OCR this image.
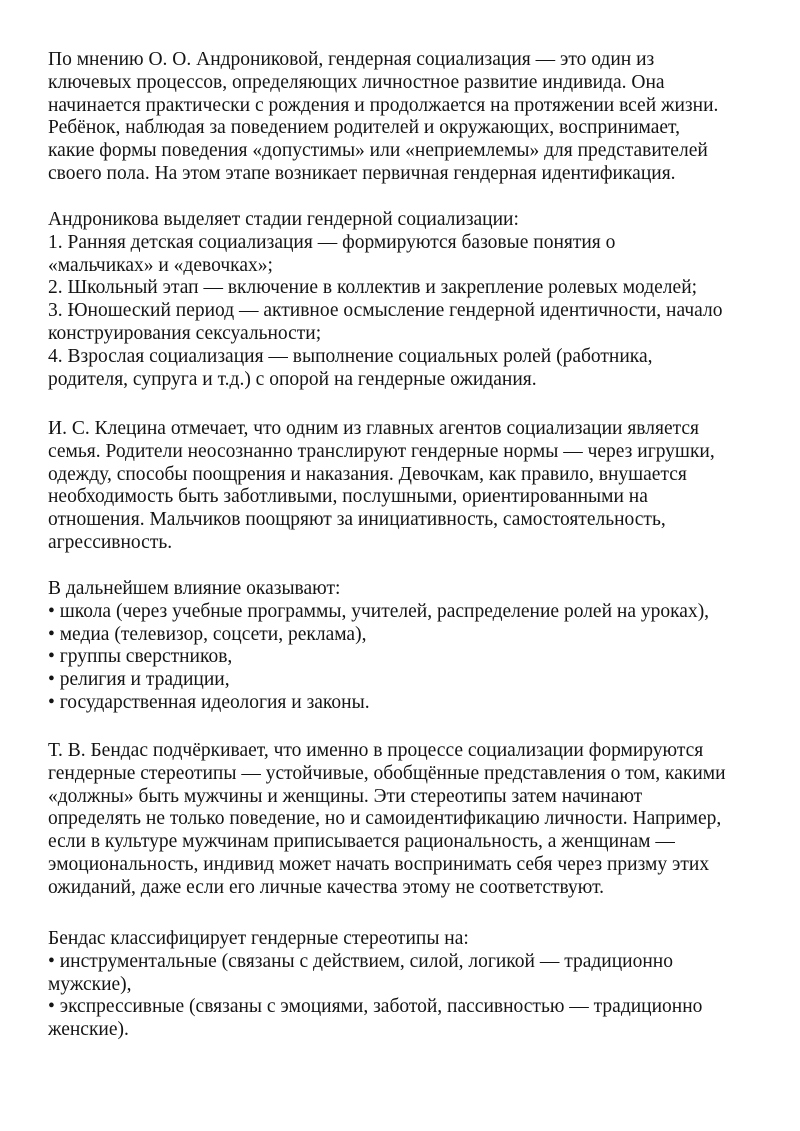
По мнению О. О. Андрониковой, гендерная социализация — это один из
ключевых процессов, определяющих личностное развитие индивида. Она
начинается практически с рождения и продолжается на протяжении всей жизни.
Ребёнок, наблюдая за поведением родителей и окружающих, воспринимает,
какие формы поведения «допустимы» или «неприемлемы» для представителей
своего пола. На этом этапе возникает первичная гендерная идентификация.
Андроникова выделяет стадии гендерной социализации:
1. Ранняя детская социализация — формируются базовые понятия о
«мальчиках» и «девочках»;
2. Школьный этап — включение в коллектив и закрепление ролевых моделей;
3. Юношеский период — активное осмысление гендерной идентичности, начало
конструирования сексуальности;
4. Взрослая социализация — выполнение социальных ролей (работника,
родителя, супруга и т.д.) с опорой на гендерные ожидания.
И. С. Клецина отмечает, что одним из главных агентов социализации является
семья. Родители неосознанно транслируют гендерные нормы — через игрушки,
одежду, способы поощрения и наказания. Девочкам, как правило, внушается
необходимость быть заботливыми, послушными, ориентированными на
отношения. Мальчиков поощряют за инициативность, самостоятельность,
агрессивность.
В дальнейшем влияние оказывают:
• школа (через учебные программы, учителей, распределение ролей на уроках),
• медиа (телевизор, соцсети, реклама),
• группы сверстников,
• религия и традиции,
• государственная идеология и законы.
Т. В. Бендас подчёркивает, что именно в процессе социализации формируются
гендерные стереотипы — устойчивые, обобщённые представления о том, какими
«должны» быть мужчины и женщины. Эти стереотипы затем начинают
определять не только поведение, но и самоидентификацию личности. Например,
если в культуре мужчинам приписывается рациональность, а женщинам —
эмоциональность, индивид может начать воспринимать себя через призму этих
ожиданий, даже если его личные качества этому не соответствуют.
Бендас классифицирует гендерные стереотипы на:
• инструментальные (связаны с действием, силой, логикой — традиционно
мужские),
• экспрессивные (связаны с эмоциями, заботой, пассивностью — традиционно
женские).
